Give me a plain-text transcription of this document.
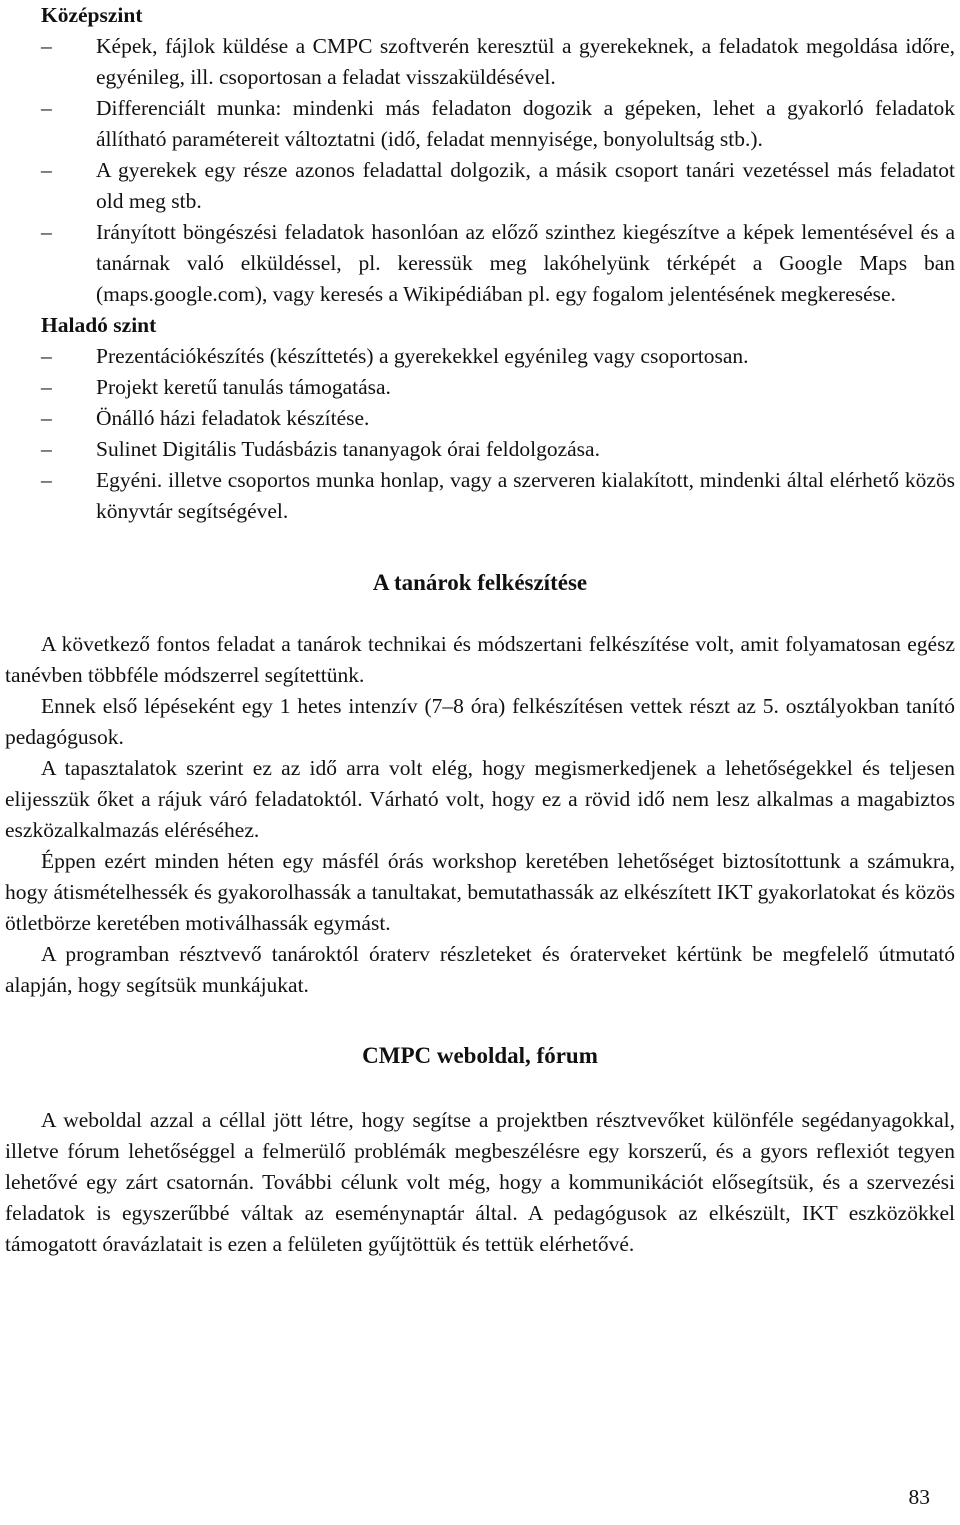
Középszint

– Képek, fájlok küldése a CMPC szoftverén keresztül a gyerekeknek, a feladatok megoldása időre, egyénileg, ill. csoportosan a feladat visszaküldésével.
– Differenciált munka: mindenki más feladaton dogozik a gépeken, lehet a gyakorló feladatok állítható paramétereit változtatni (idő, feladat mennyisége, bonyolultság stb.).
– A gyerekek egy része azonos feladattal dolgozik, a másik csoport tanári vezetéssel más feladatot old meg stb.
– Irányított böngészési feladatok hasonlóan az előző szinthez kiegészítve a képek lementésével és a tanárnak való elküldéssel, pl. keressük meg lakóhelyünk térképét a Google Maps ban (maps.google.com), vagy keresés a Wikipédiában pl. egy fogalom jelentésének megkeresése.

Haladó szint

– Prezentációkészítés (készíttetés) a gyerekekkel egyénileg vagy csoportosan.
– Projekt keretű tanulás támogatása.
– Önálló házi feladatok készítése.
– Sulinet Digitális Tudásbázis tananyagok órai feldolgozása.
– Egyéni. illetve csoportos munka honlap, vagy a szerveren kialakított, mindenki által elérhető közös könyvtár segítségével.
A tanárok felkészítése

A következő fontos feladat a tanárok technikai és módszertani felkészítése volt, amit folyamatosan egész tanévben többféle módszerrel segítettünk.

Ennek első lépéseként egy 1 hetes intenzív (7–8 óra) felkészítésen vettek részt az 5. osztályokban tanító pedagógusok.

A tapasztalatok szerint ez az idő arra volt elég, hogy megismerkedjenek a lehetőségekkel és teljesen elijesszük őket a rájuk váró feladatoktól. Várható volt, hogy ez a rövid idő nem lesz alkalmas a magabiztos eszközalkalmazás eléréséhez.

Éppen ezért minden héten egy másfél órás workshop keretében lehetőséget biztosítottunk a számukra, hogy átismételhessék és gyakorolhassák a tanultakat, bemutathassák az elkészített IKT gyakorlatokat és közös ötletbörze keretében motiválhassák egymást.

A programban résztvevő tanároktól óraterv részleteket és óraterveket kértünk be megfelelő útmutató alapján, hogy segítsük munkájukat.

CMPC weboldal, fórum

A weboldal azzal a céllal jött létre, hogy segítse a projektben résztvevőket különféle segédanyagokkal, illetve fórum lehetőséggel a felmerülő problémák megbeszélésre egy korszerű, és a gyors reflexiót tegyen lehetővé egy zárt csatornán. További célunk volt még, hogy a kommunikációt elősegítsük, és a szervezési feladatok is egyszerűbbé váltak az eseménynaptár által. A pedagógusok az elkészült, IKT eszközökkel támogatott óravázlatait is ezen a felületen gyűjtöttük és tettük elérhetővé.

83
